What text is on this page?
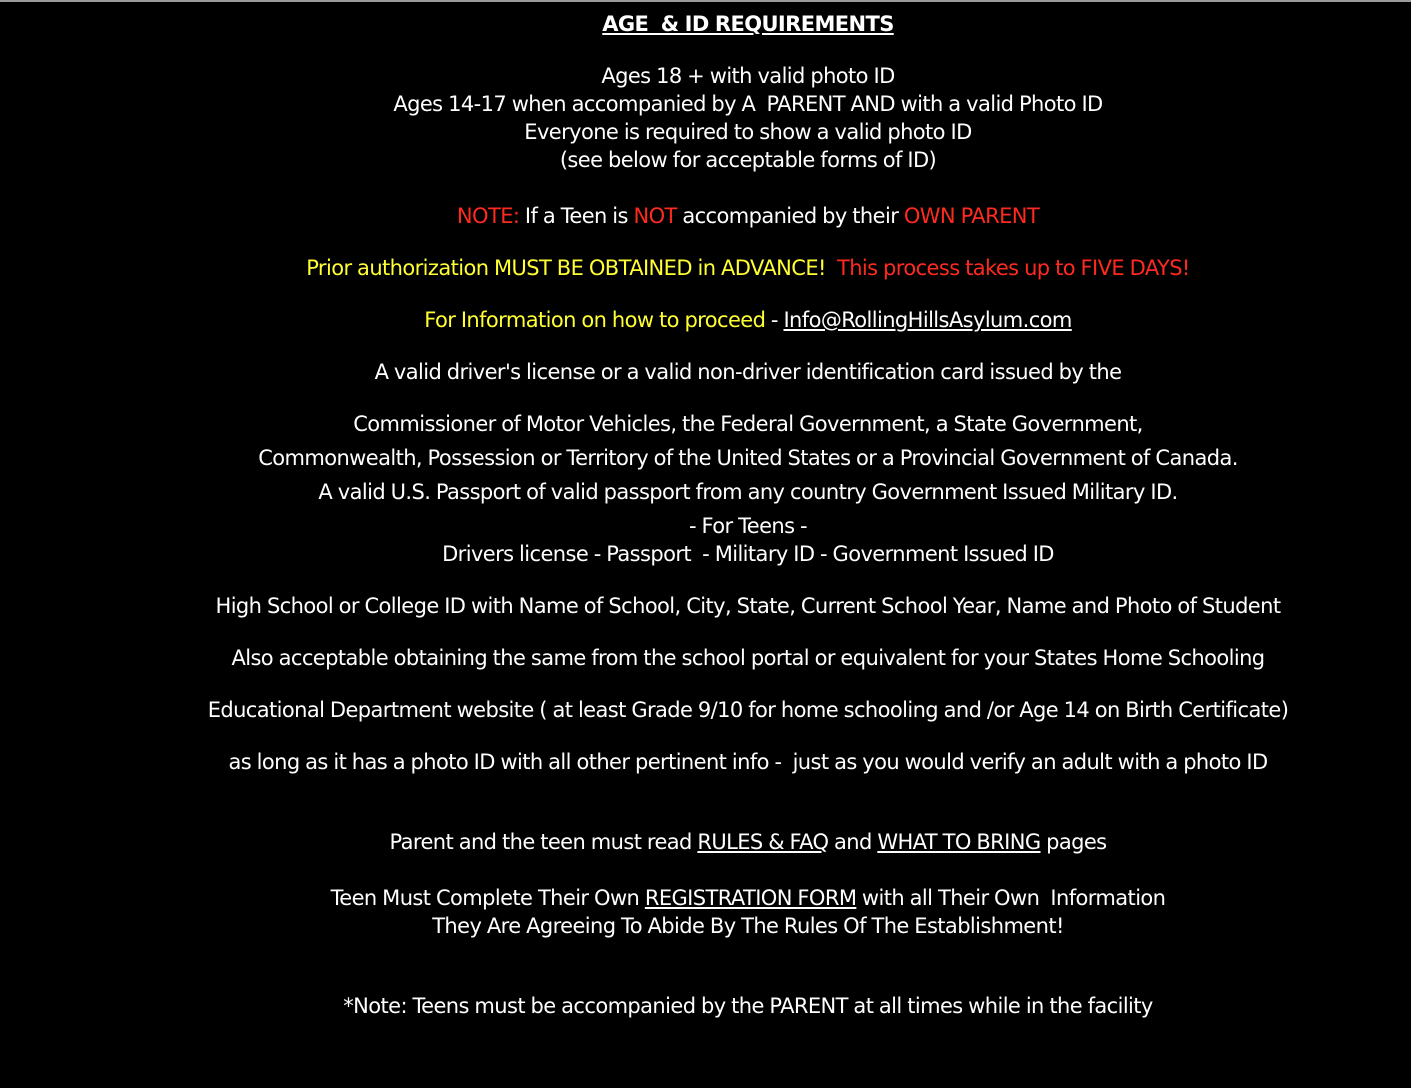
AGE  & ID REQUIREMENTS
Ages 18 + with valid photo ID
Ages 14-17 when accompanied by A  PARENT AND with a valid Photo ID
Everyone is required to show a valid photo ID
(see below for acceptable forms of ID)
NOTE: If a Teen is NOT accompanied by their OWN PARENT
Prior authorization MUST BE OBTAINED in ADVANCE!  This process takes up to FIVE DAYS!
For Information on how to proceed - Info@RollingHillsAsylum.com
A valid driver's license or a valid non-driver identification card issued by the
Commissioner of Motor Vehicles, the Federal Government, a State Government,
Commonwealth, Possession or Territory of the United States or a Provincial Government of Canada.
A valid U.S. Passport of valid passport from any country Government Issued Military ID.
- For Teens -
Drivers license - Passport  - Military ID - Government Issued ID
High School or College ID with Name of School, City, State, Current School Year, Name and Photo of Student
Also acceptable obtaining the same from the school portal or equivalent for your States Home Schooling
Educational Department website ( at least Grade 9/10 for home schooling and /or Age 14 on Birth Certificate)
as long as it has a photo ID with all other pertinent info -  just as you would verify an adult with a photo ID
Parent and the teen must read RULES & FAQ and WHAT TO BRING pages
Teen Must Complete Their Own REGISTRATION FORM with all Their Own  Information
They Are Agreeing To Abide By The Rules Of The Establishment!
*Note: Teens must be accompanied by the PARENT at all times while in the facility
